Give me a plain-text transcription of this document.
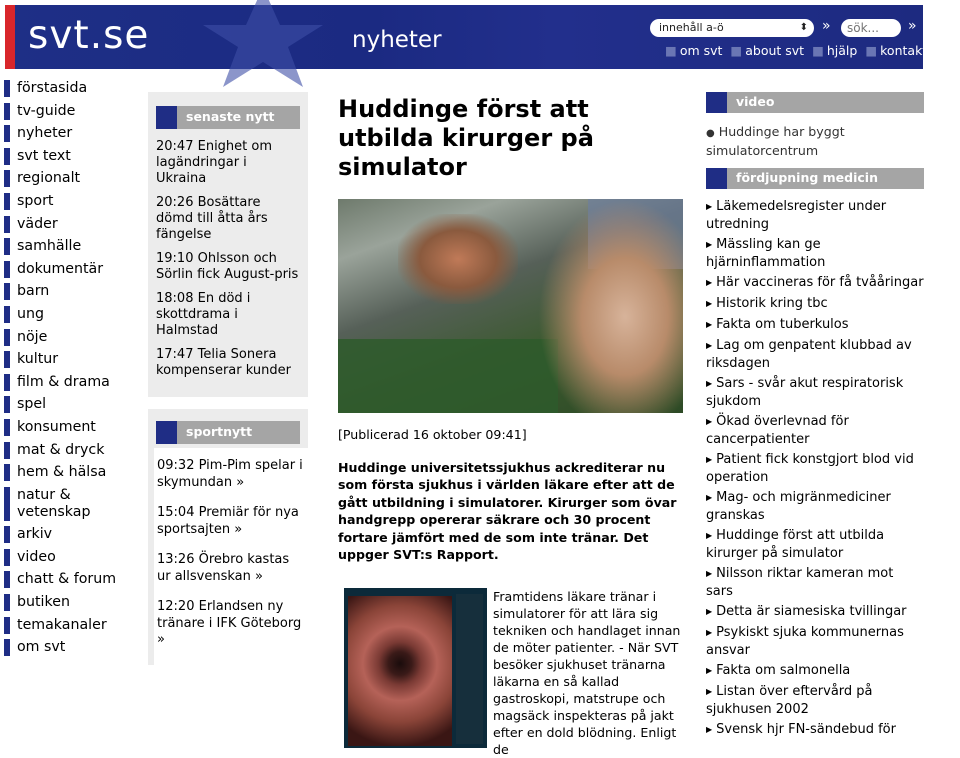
svt.se	nyheter	innehåll a-ö	⬍ »
sök...	»
■ om svt ■ about svt ■ hjälp ■ kontakta oss
förstasida
tv-guide
nyheter
svt text
regionalt
sport
väder
samhälle
dokumentär
barn
ung
nöje
kultur
film & drama
spel
konsument
mat & dryck
hem & hälsa
natur & vetenskap
arkiv
video
chatt & forum
butiken
temakanaler
om svt
senaste nytt
20:47 Enighet om lagändringar i Ukraina
20:26 Bosättare dömd till åtta års fängelse
19:10 Ohlsson och Sörlin fick August-pris
18:08 En död i skottdrama i Halmstad
17:47 Telia Sonera kompenserar kunder
sportnytt
09:32 Pim-Pim spelar i skymundan »
15:04 Premiär för nya sportsajten »
13:26 Örebro kastas ur allsvenskan »
12:20 Erlandsen ny tränare i IFK Göteborg »
Huddinge först att utbilda kirurger på simulator
[Publicerad 16 oktober 09:41]
Huddinge universitetssjukhus ackrediterar nu som första sjukhus i världen läkare efter att de gått utbildning i simulatorer. Kirurger som övar handgrepp opererar säkrare och 30 procent fortare jämfört med de som inte tränar. Det uppger SVT:s Rapport.
Framtidens läkare tränar i simulatorer för att lära sig tekniken och handlaget innan de möter patienter. - När SVT besöker sjukhuset tränarna läkarna en så kallad gastroskopi, matstrupe och magsäck inspekteras på jakt efter en dold blödning. Enligt de
video
● Huddinge har byggt simulatorcentrum
fördjupning medicin
▶ Läkemedelsregister under utredning
▶ Mässling kan ge hjärninflammation
▶ Här vaccineras för få tvååringar
▶ Historik kring tbc
▶ Fakta om tuberkulos
▶ Lag om genpatent klubbad av riksdagen
▶ Sars - svår akut respiratorisk sjukdom
▶ Ökad överlevnad för cancerpatienter
▶ Patient fick konstgjort blod vid operation
▶ Mag- och migränmediciner granskas
▶ Huddinge först att utbilda kirurger på simulator
▶ Nilsson riktar kameran mot sars
▶ Detta är siamesiska tvillingar
▶ Psykiskt sjuka kommunernas ansvar
▶ Fakta om salmonella
▶ Listan över eftervård på sjukhusen 2002
▶ Svensk hjr FN-sändebud för
